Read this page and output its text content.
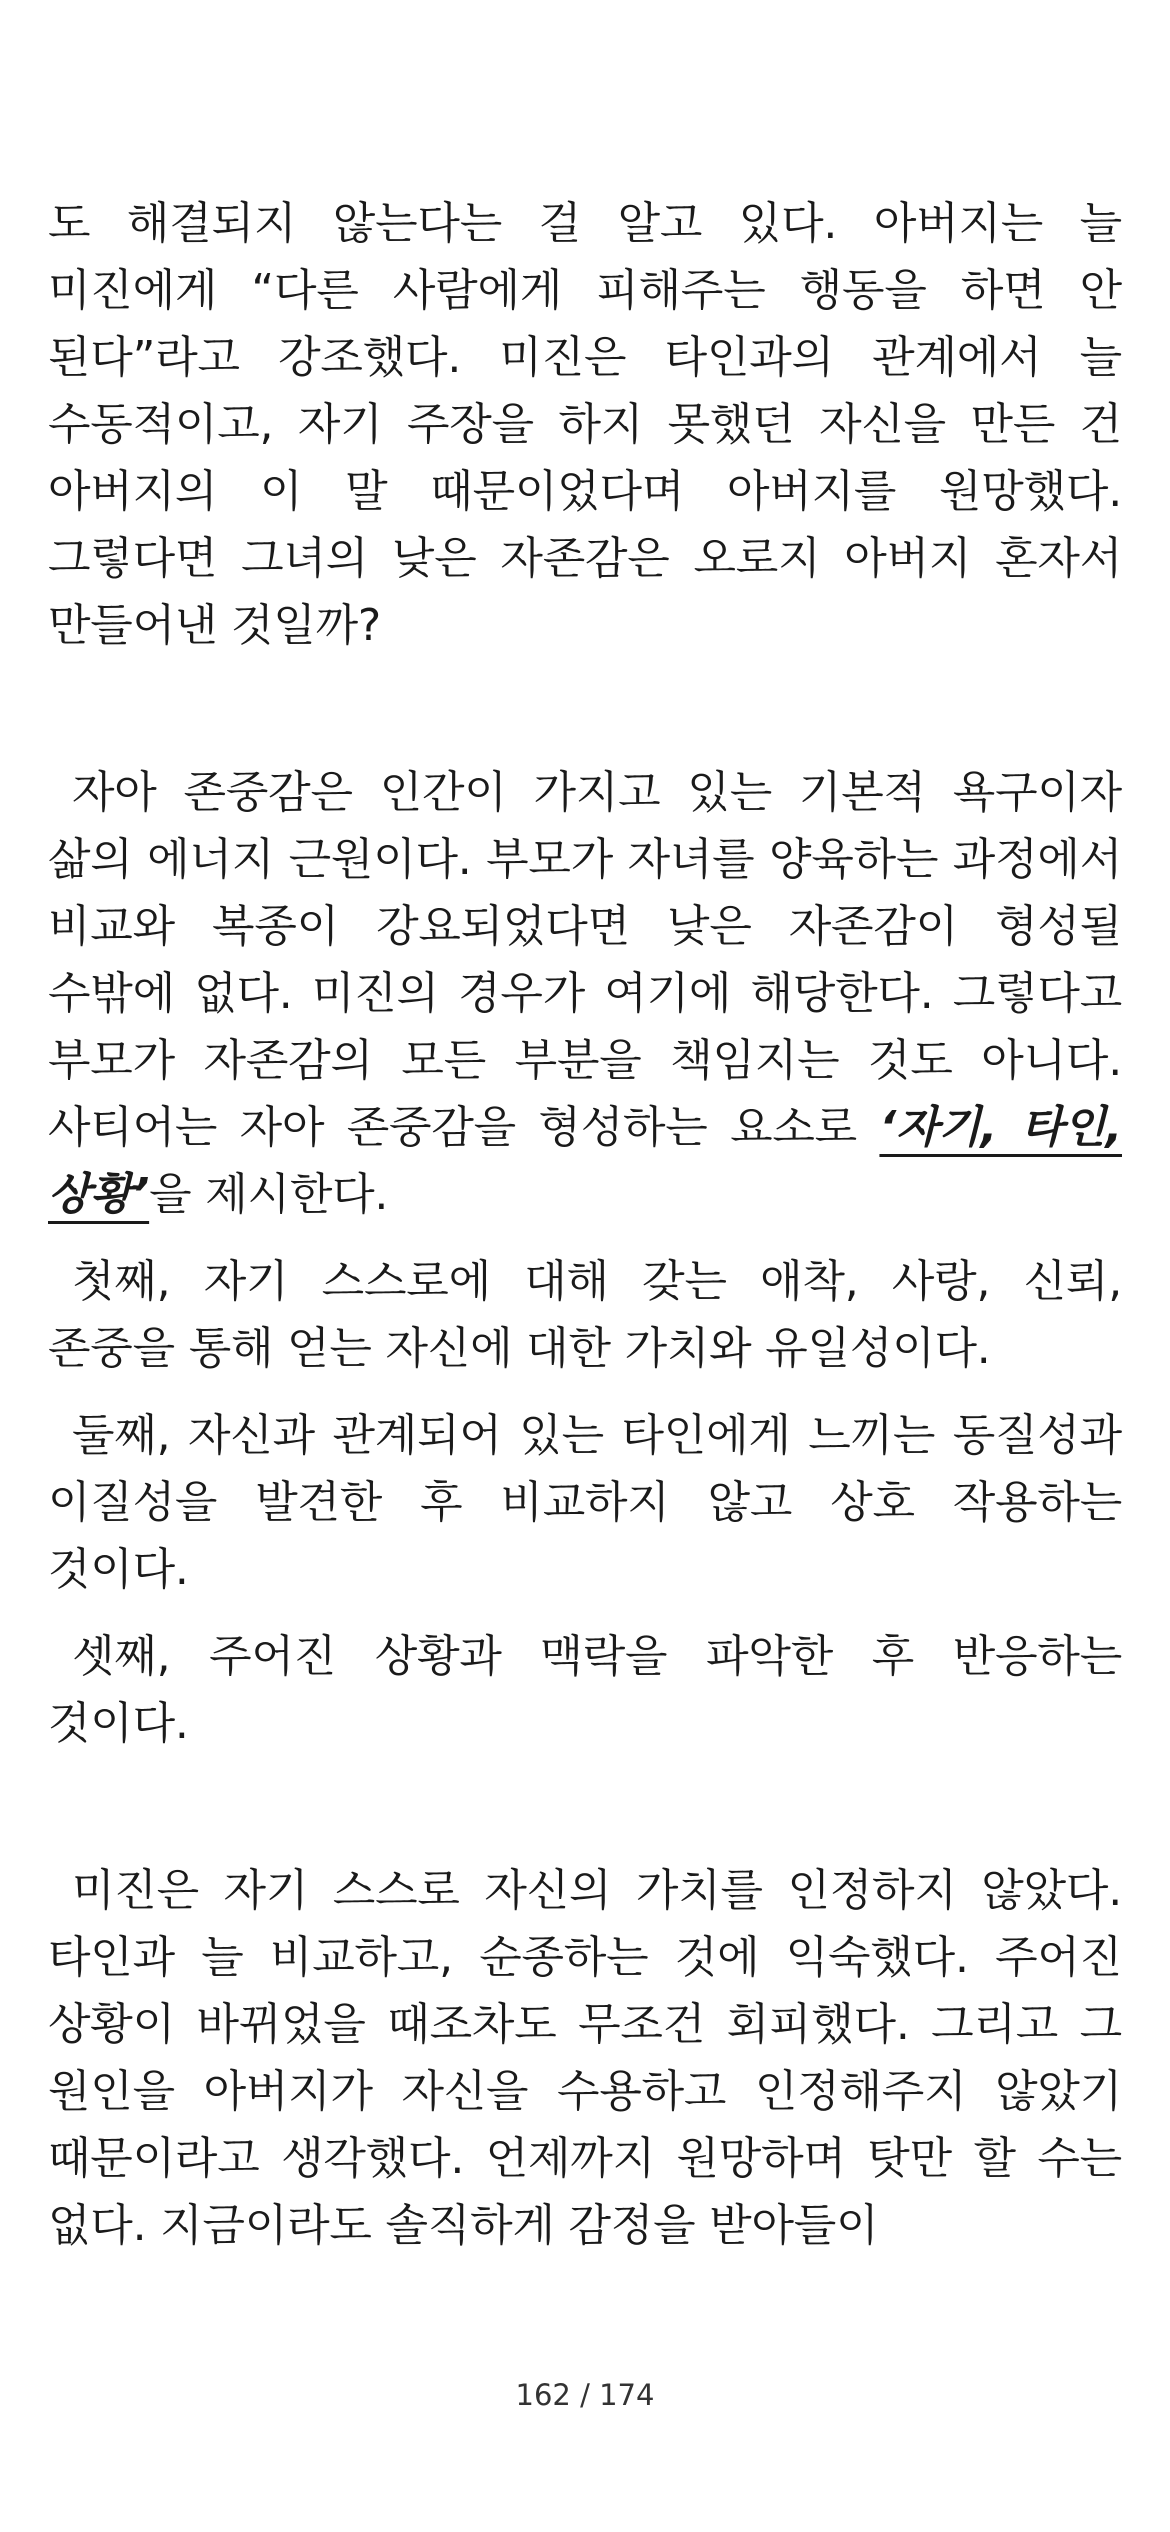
도 해결되지 않는다는 걸 알고 있다. 아버지는 늘 미진에게 “다른 사람에게 피해주는 행동을 하면 안 된다”라고 강조했다. 미진은 타인과의 관계에서 늘 수동적이고, 자기 주장을 하지 못했던 자신을 만든 건 아버지의 이 말 때문이었다며 아버지를 원망했다. 그렇다면 그녀의 낮은 자존감은 오로지 아버지 혼자서 만들어낸 것일까?

자아 존중감은 인간이 가지고 있는 기본적 욕구이자 삶의 에너지 근원이다. 부모가 자녀를 양육하는 과정에서 비교와 복종이 강요되었다면 낮은 자존감이 형성될 수밖에 없다. 미진의 경우가 여기에 해당한다. 그렇다고 부모가 자존감의 모든 부분을 책임지는 것도 아니다. 사티어는 자아 존중감을 형성하는 요소로 ‘자기, 타인, 상황’을 제시한다.

첫째, 자기 스스로에 대해 갖는 애착, 사랑, 신뢰, 존중을 통해 얻는 자신에 대한 가치와 유일성이다.

둘째, 자신과 관계되어 있는 타인에게 느끼는 동질성과 이질성을 발견한 후 비교하지 않고 상호 작용하는 것이다.

셋째, 주어진 상황과 맥락을 파악한 후 반응하는 것이다.

미진은 자기 스스로 자신의 가치를 인정하지 않았다. 타인과 늘 비교하고, 순종하는 것에 익숙했다. 주어진 상황이 바뀌었을 때조차도 무조건 회피했다. 그리고 그 원인을 아버지가 자신을 수용하고 인정해주지 않았기 때문이라고 생각했다. 언제까지 원망하며 탓만 할 수는 없다. 지금이라도 솔직하게 감정을 받아들이

162 / 174
